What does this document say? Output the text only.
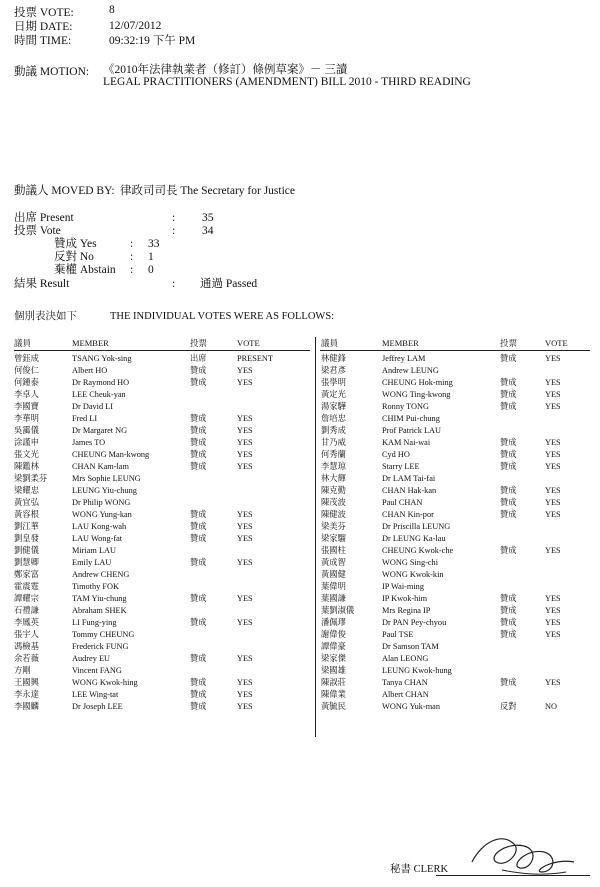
投票 VOTE:	8
日期 DATE:	12/07/2012
時間 TIME:	09:32:19 下午 PM
動議 MOTION: 《2010年法律執業者（修訂）條例草案》－ 三讀
LEGAL PRACTITIONERS (AMENDMENT) BILL 2010 - THIRD READING
動議人 MOVED BY: 律政司司長 The Secretary for Justice
出席 Present	: 35
投票 Vote	: 34
贊成 Yes	: 33
反對 No	: 1
棄權 Abstain : 0
結果 Result	: 通過 Passed
個別表決如下	THE INDIVIDUAL VOTES WERE AS FOLLOWS:
議員	MEMBER	投票	VOTE	議員	MEMBER	投票	VOTE
曾鈺成	TSANG Yok-sing	出席	PRESENT
何俊仁	Albert HO	贊成	YES
何鍾泰	Dr Raymond HO	贊成	YES
李卓人	LEE Cheuk-yan
李國寶	Dr David LI
李華明	Fred LI	贊成	YES
吳靄儀	Dr Margaret NG	贊成	YES
涂謹申	James TO	贊成	YES
張文光	CHEUNG Man-kwong	贊成	YES
陳鑑林	CHAN Kam-lam	贊成	YES
梁劉柔芬	Mrs Sophie LEUNG
梁耀忠	LEUNG Yiu-chung
黃宜弘	Dr Philip WONG
黃容根	WONG Yung-kan	贊成	YES
劉江華	LAU Kong-wah	贊成	YES
劉皇發	LAU Wong-fat	贊成	YES
劉健儀	Miriam LAU
劉慧卿	Emily LAU	贊成	YES
鄭家富	Andrew CHENG
霍震霆	Timothy FOK
譚耀宗	TAM Yiu-chung	贊成	YES
石禮謙	Abraham SHEK
李鳳英	LI Fung-ying	贊成	YES
張宇人	Tommy CHEUNG
馮檢基	Frederick FUNG
余若薇	Audrey EU	贊成	YES
方剛	Vincent FANG
王國興	WONG Kwok-hing	贊成	YES
李永達	LEE Wing-tat	贊成	YES
李國麟	Dr Joseph LEE	贊成	YES
林健鋒	Jeffrey LAM	贊成	YES
梁君彥	Andrew LEUNG
張學明	CHEUNG Hok-ming	贊成	YES
黃定光	WONG Ting-kwong	贊成	YES
湯家驊	Ronny TONG	贊成	YES
詹培忠	CHIM Pui-chung
劉秀成	Prof Patrick LAU
甘乃威	KAM Nai-wai	贊成	YES
何秀蘭	Cyd HO	贊成	YES
李慧琼	Starry LEE	贊成	YES
林大輝	Dr LAM Tai-fai
陳克勤	CHAN Hak-kan	贊成	YES
陳茂波	Paul CHAN	贊成	YES
陳健波	CHAN Kin-por	贊成	YES
梁美芬	Dr Priscilla LEUNG
梁家騮	Dr LEUNG Ka-lau
張國柱	CHEUNG Kwok-che	贊成	YES
黃成智	WONG Sing-chi
黃國健	WONG Kwok-kin
葉偉明	IP Wai-ming
葉國謙	IP Kwok-him	贊成	YES
葉劉淑儀	Mrs Regina IP	贊成	YES
潘佩璆	Dr PAN Pey-chyou	贊成	YES
謝偉俊	Paul TSE	贊成	YES
譚偉豪	Dr Samson TAM
梁家傑	Alan LEONG
梁國雄	LEUNG Kwok-hung
陳淑莊	Tanya CHAN	贊成	YES
陳偉業	Albert CHAN
黃毓民	WONG Yuk-man	反對	NO
秘書 CLERK
